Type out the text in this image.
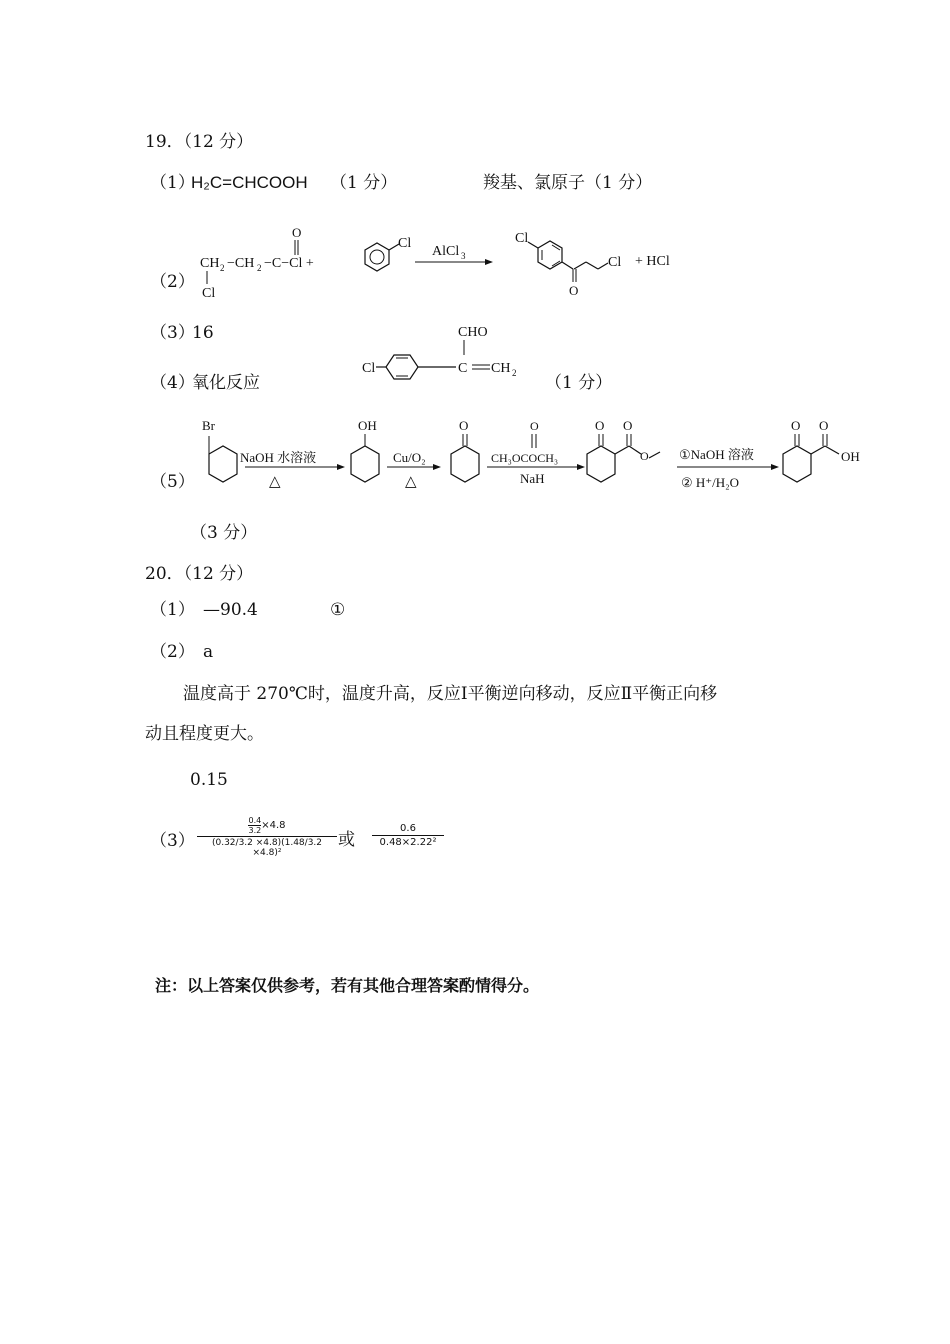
19．（12 分）
（1）
H₂C=CHCOOH （1 分）	羧基、氯原子（1 分）
（2）
CH 2 −CH 2 −C−Cl +
O
Cl
Cl
AlCl 3
Cl
O
Cl + HCl
（3）
16
（4）
氧化反应
CHO
Cl	C CH 2 （1 分）
（5）
Br
NaOH 水溶液
△
OH
Cu/O₂
△
O	O
CH₃OCOCH₃
NaH
O O
O ①NaOH 溶液
② H⁺/H₂O
O O
OH
（3 分）
20．（12 分）
（1） —90.4	①
（2） a
温度高于 270℃时，温度升高，反应Ⅰ平衡逆向移动，反应Ⅱ平衡正向移
动且程度更大。
0.15
$(3) \frac{\frac{0.4}{3.2} \times 4.8}{\text{(0.32/3.2 ×4.8)(1.48/3.2 ×4.8)²}}$ 或 $\frac{0.6}{\text{0.48×2.22²}}$
注：以上答案仅供参考，若有其他合理答案酌情得分。
